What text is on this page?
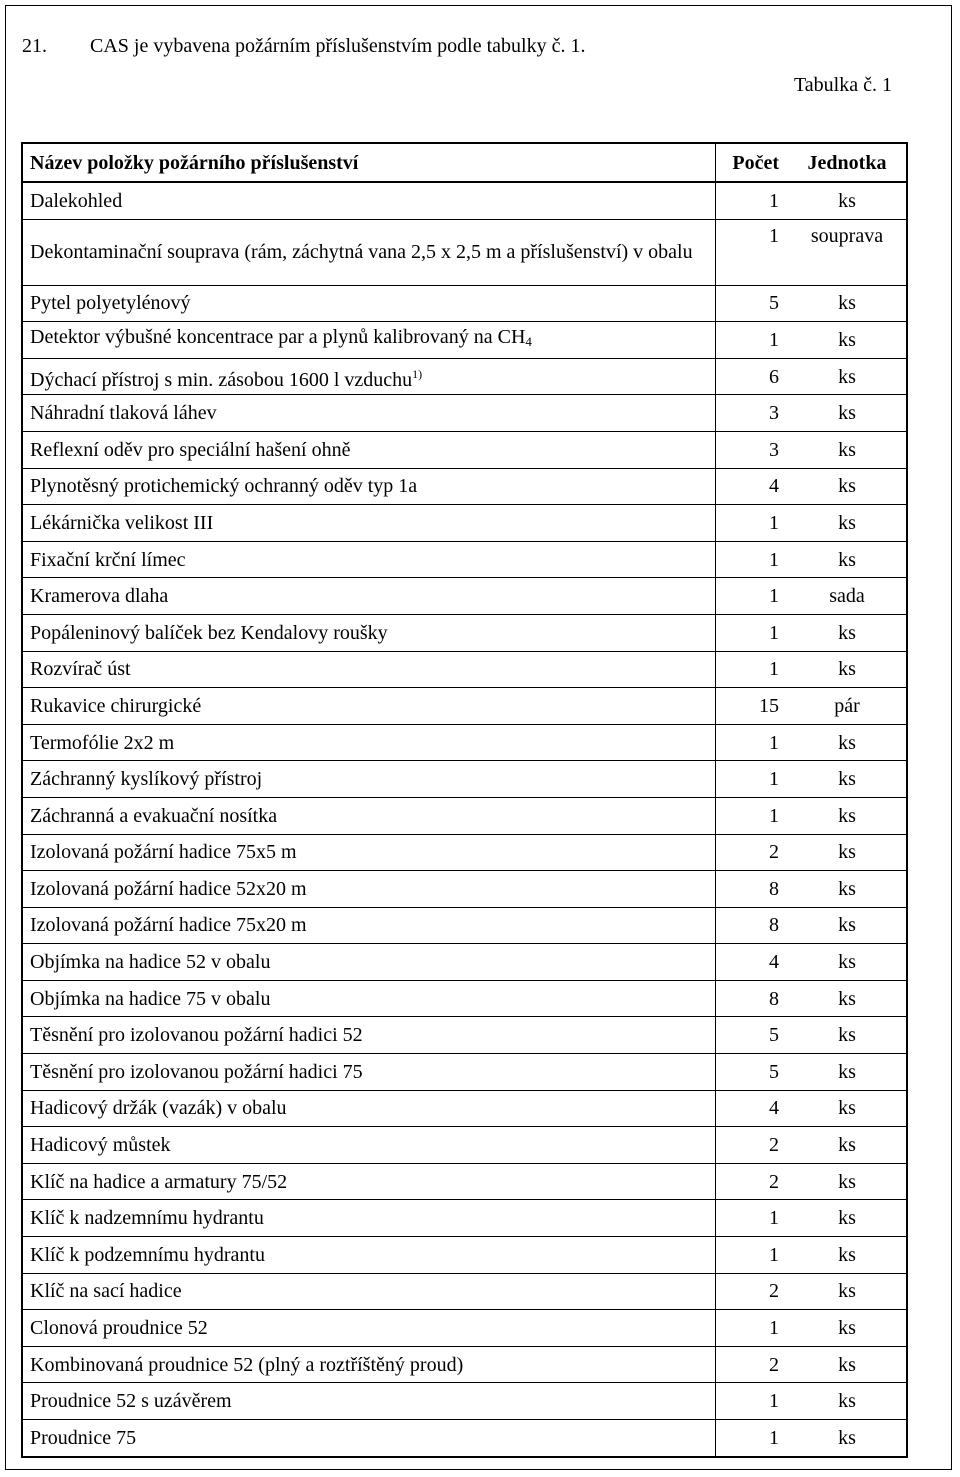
21. CAS je vybavena požárním příslušenstvím podle tabulky č. 1.
Tabulka č. 1
Název položky požárního příslušenství	Počet	Jednotka
Dalekohled	1	ks
Dekontaminační souprava (rám, záchytná vana 2,5 x 2,5 m a příslušenství) v obalu	1	souprava
Pytel polyetylénový	5	ks
Detektor výbušné koncentrace par a plynů kalibrovaný na $CH_4$	1	ks
Dýchací přístroj s min. zásobou 1600 l vzduchu$^{1)}$	6	ks
Náhradní tlaková láhev	3	ks
Reflexní oděv pro speciální hašení ohně	3	ks
Plynotěsný protichemický ochranný oděv typ 1a	4	ks
Lékárnička velikost III	1	ks
Fixační krční límec	1	ks
Kramerova dlaha	1	sada
Popáleninový balíček bez Kendalovy roušky	1	ks
Rozvírač úst	1	ks
Rukavice chirurgické	15	pár
Termofólie 2x2 m	1	ks
Záchranný kyslíkový přístroj	1	ks
Záchranná a evakuační nosítka	1	ks
Izolovaná požární hadice 75x5 m	2	ks
Izolovaná požární hadice 52x20 m	8	ks
Izolovaná požární hadice 75x20 m	8	ks
Objímka na hadice 52 v obalu	4	ks
Objímka na hadice 75 v obalu	8	ks
Těsnění pro izolovanou požární hadici 52	5	ks
Těsnění pro izolovanou požární hadici 75	5	ks
Hadicový držák (vazák) v obalu	4	ks
Hadicový můstek	2	ks
Klíč na hadice a armatury 75/52	2	ks
Klíč k nadzemnímu hydrantu	1	ks
Klíč k podzemnímu hydrantu	1	ks
Klíč na sací hadice	2	ks
Clonová proudnice 52	1	ks
Kombinovaná proudnice 52 (plný a roztříštěný proud)	2	ks
Proudnice 52 s uzávěrem	1	ks
Proudnice 75	1	ks
